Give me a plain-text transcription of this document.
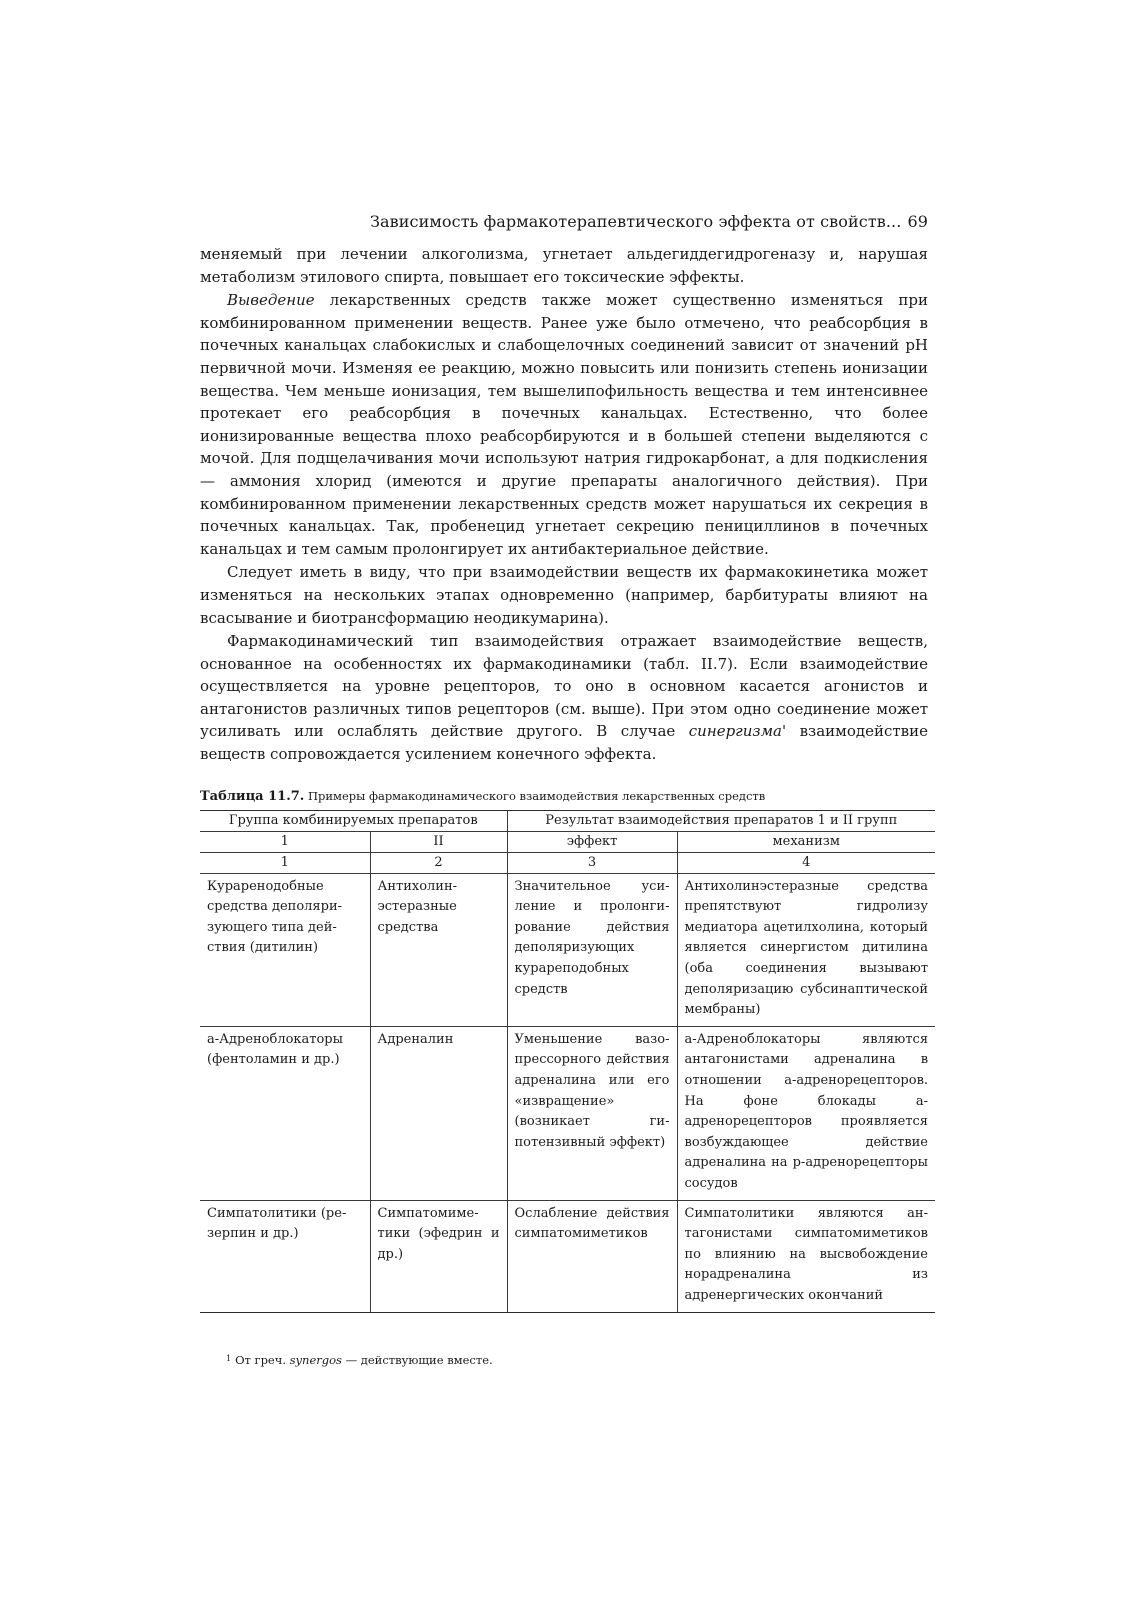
Зависимость фармакотерапевтического эффекта от свойств... 69

меняемый при лечении алкоголизма, угнетает альдегиддегидрогеназу и, нарушая метаболизм этилового спирта, повышает его токсические эффекты.

Выведение лекарственных средств также может существенно изменяться при комбинированном применении веществ. Ранее уже было отмечено, что реабсорбция в почечных канальцах слабокислых и слабощелочных соединений зависит от значений pH первичной мочи. Изменяя ее реакцию, можно повысить или понизить степень ионизации вещества. Чем меньше ионизация, тем вышелипофильность вещества и тем интенсивнее протекает его реабсорбция в почечных канальцах. Естественно, что более ионизированные вещества плохо реабсорбируются и в большей степени выделяются с мочой. Для подщелачивания мочи используют натрия гидрокарбонат, а для подкисления — аммония хлорид (имеются и другие препараты аналогичного действия). При комбинированном применении лекарственных средств может нарушаться их секреция в почечных канальцах. Так, пробенецид угнетает секрецию пенициллинов в почечных канальцах и тем самым пролонгирует их антибактериальное действие.

Следует иметь в виду, что при взаимодействии веществ их фармакокинетика может изменяться на нескольких этапах одновременно (например, барбитураты влияют на всасывание и биотрансформацию неодикумарина).

Фармакодинамический тип взаимодействия отражает взаимодействие веществ, основанное на особенностях их фармакодинамики (табл. II.7). Если взаимодействие осуществляется на уровне рецепторов, то оно в основном касается агонистов и антагонистов различных типов рецепторов (см. выше). При этом одно соединение может усиливать или ослаблять действие другого. В случае синергизма' взаимодействие веществ сопровождается усилением конечного эффекта.

Таблица 11.7. Примеры фармакодинамического взаимодействия лекарственных средств
Группа комбинируемых препаратов		Результат взаимодействия препаратов 1 и II групп	
1	II	эффект	механизм
1	2	3	4
Кураренодобные средства деполяризующего типа действия (дитилин)	Антихолинэстеразные средства	Значительное усиление и пролонгирование действия деполяризующих курареподобных средств	Антихолинэстеразные средства препятствуют гидролизу медиатора ацетилхолина, который является синергистом дитилина (оба соединения вызывают деполяризацию субсинаптической мембраны)
а-Адреноблокаторы (фентоламин и др.)	Адреналин	Уменьшение вазопрессорного действия адреналина или его «извращение» (возникает гипотензивный эффект)	а-Адреноблокаторы являются антагонистами адреналина в отношении а-адренорецепторов. На фоне блокады а-адренорецепторов проявляется возбуждающее действие адреналина на р-адренорецепторы сосудов
Симпатолитики (резерпин и др.)	Симпатомиметики (эфедрин и др.)	Ослабление действия симпатомиметиков	Симпатолитики являются антагонистами симпатомиметиков по влиянию на высвобождение норадреналина из адренергических окончаний
$^1$ От греч. synergos — действующие вместе.
